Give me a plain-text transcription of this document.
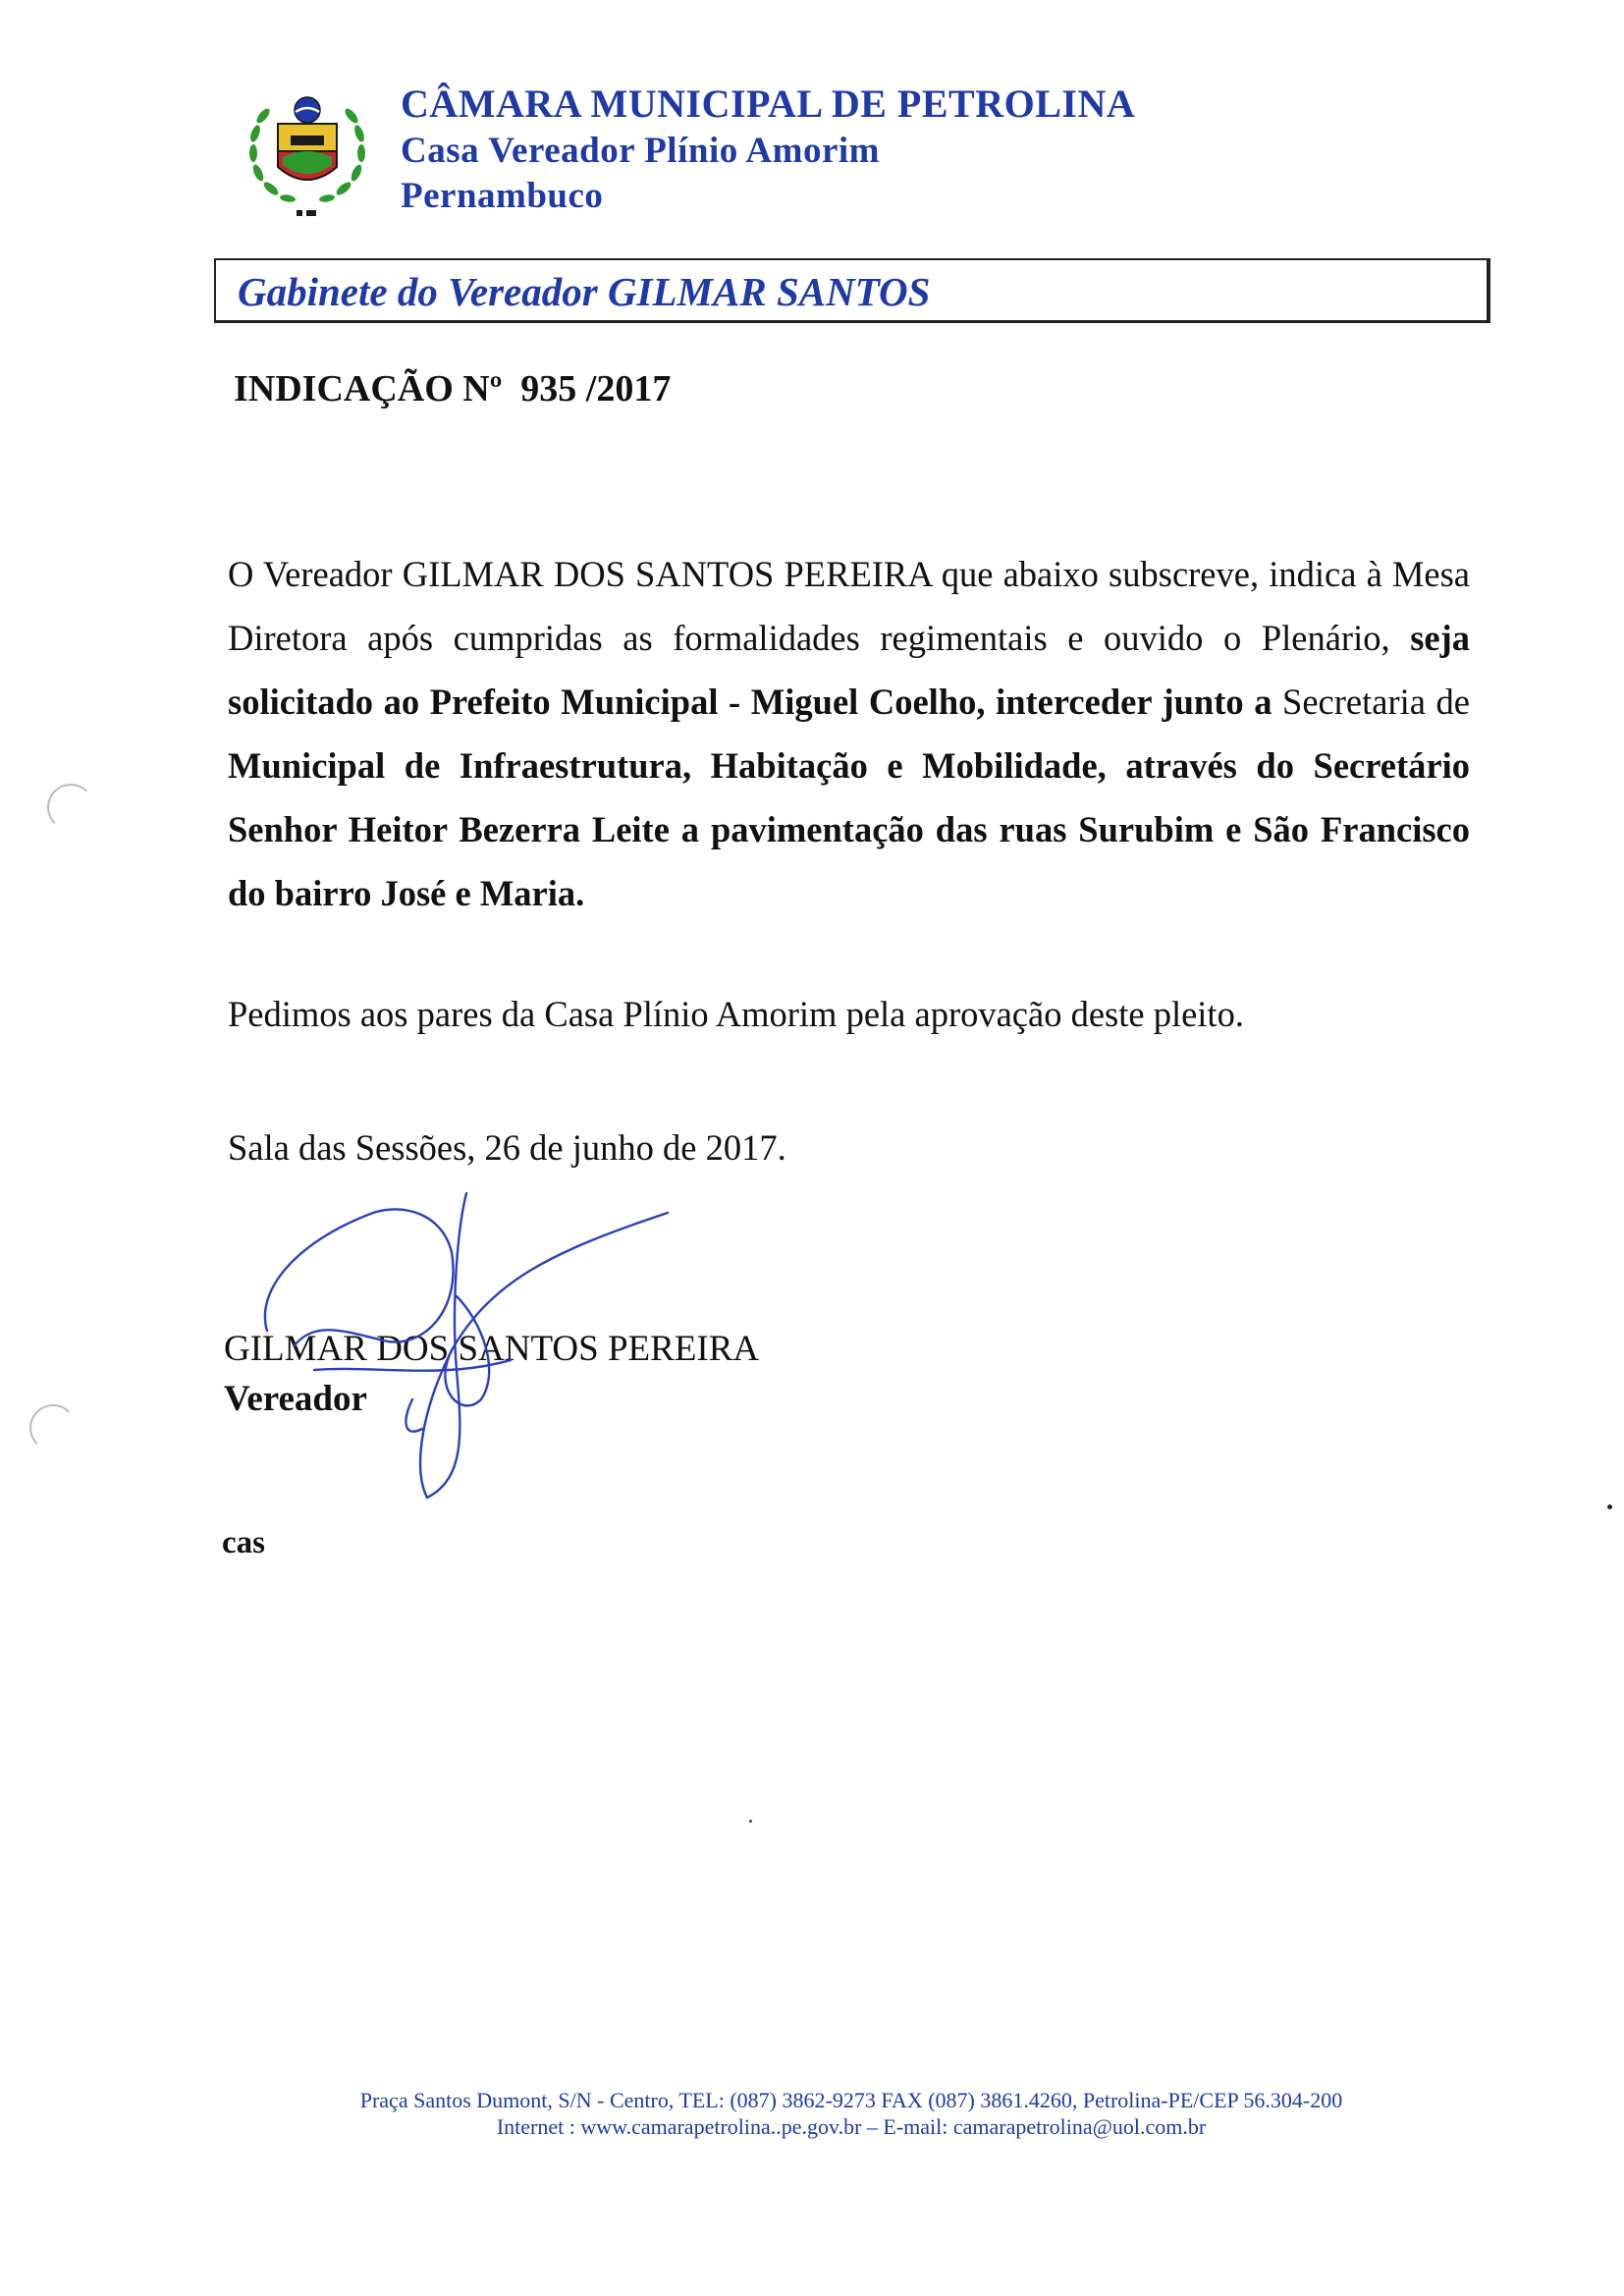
CÂMARA MUNICIPAL DE PETROLINA
Casa Vereador Plínio Amorim
Pernambuco
Gabinete do Vereador GILMAR SANTOS
INDICAÇÃO Nº 935 /2017
O Vereador GILMAR DOS SANTOS PEREIRA que abaixo subscreve, indica à Mesa Diretora após cumpridas as formalidades regimentais e ouvido o Plenário, seja solicitado ao Prefeito Municipal - Miguel Coelho, interceder junto a Secretaria de Municipal de Infraestrutura, Habitação e Mobilidade, através do Secretário Senhor Heitor Bezerra Leite a pavimentação das ruas Surubim e São Francisco do bairro José e Maria.
Pedimos aos pares da Casa Plínio Amorim pela aprovação deste pleito.
Sala das Sessões, 26 de junho de 2017.
GILMAR DOS SANTOS PEREIRA
Vereador
cas
Praça Santos Dumont, S/N - Centro, TEL: (087) 3862-9273 FAX (087) 3861.4260, Petrolina-PE/CEP 56.304-200
Internet : www.camarapetrolina..pe.gov.br – E-mail: camarapetrolina@uol.com.br
